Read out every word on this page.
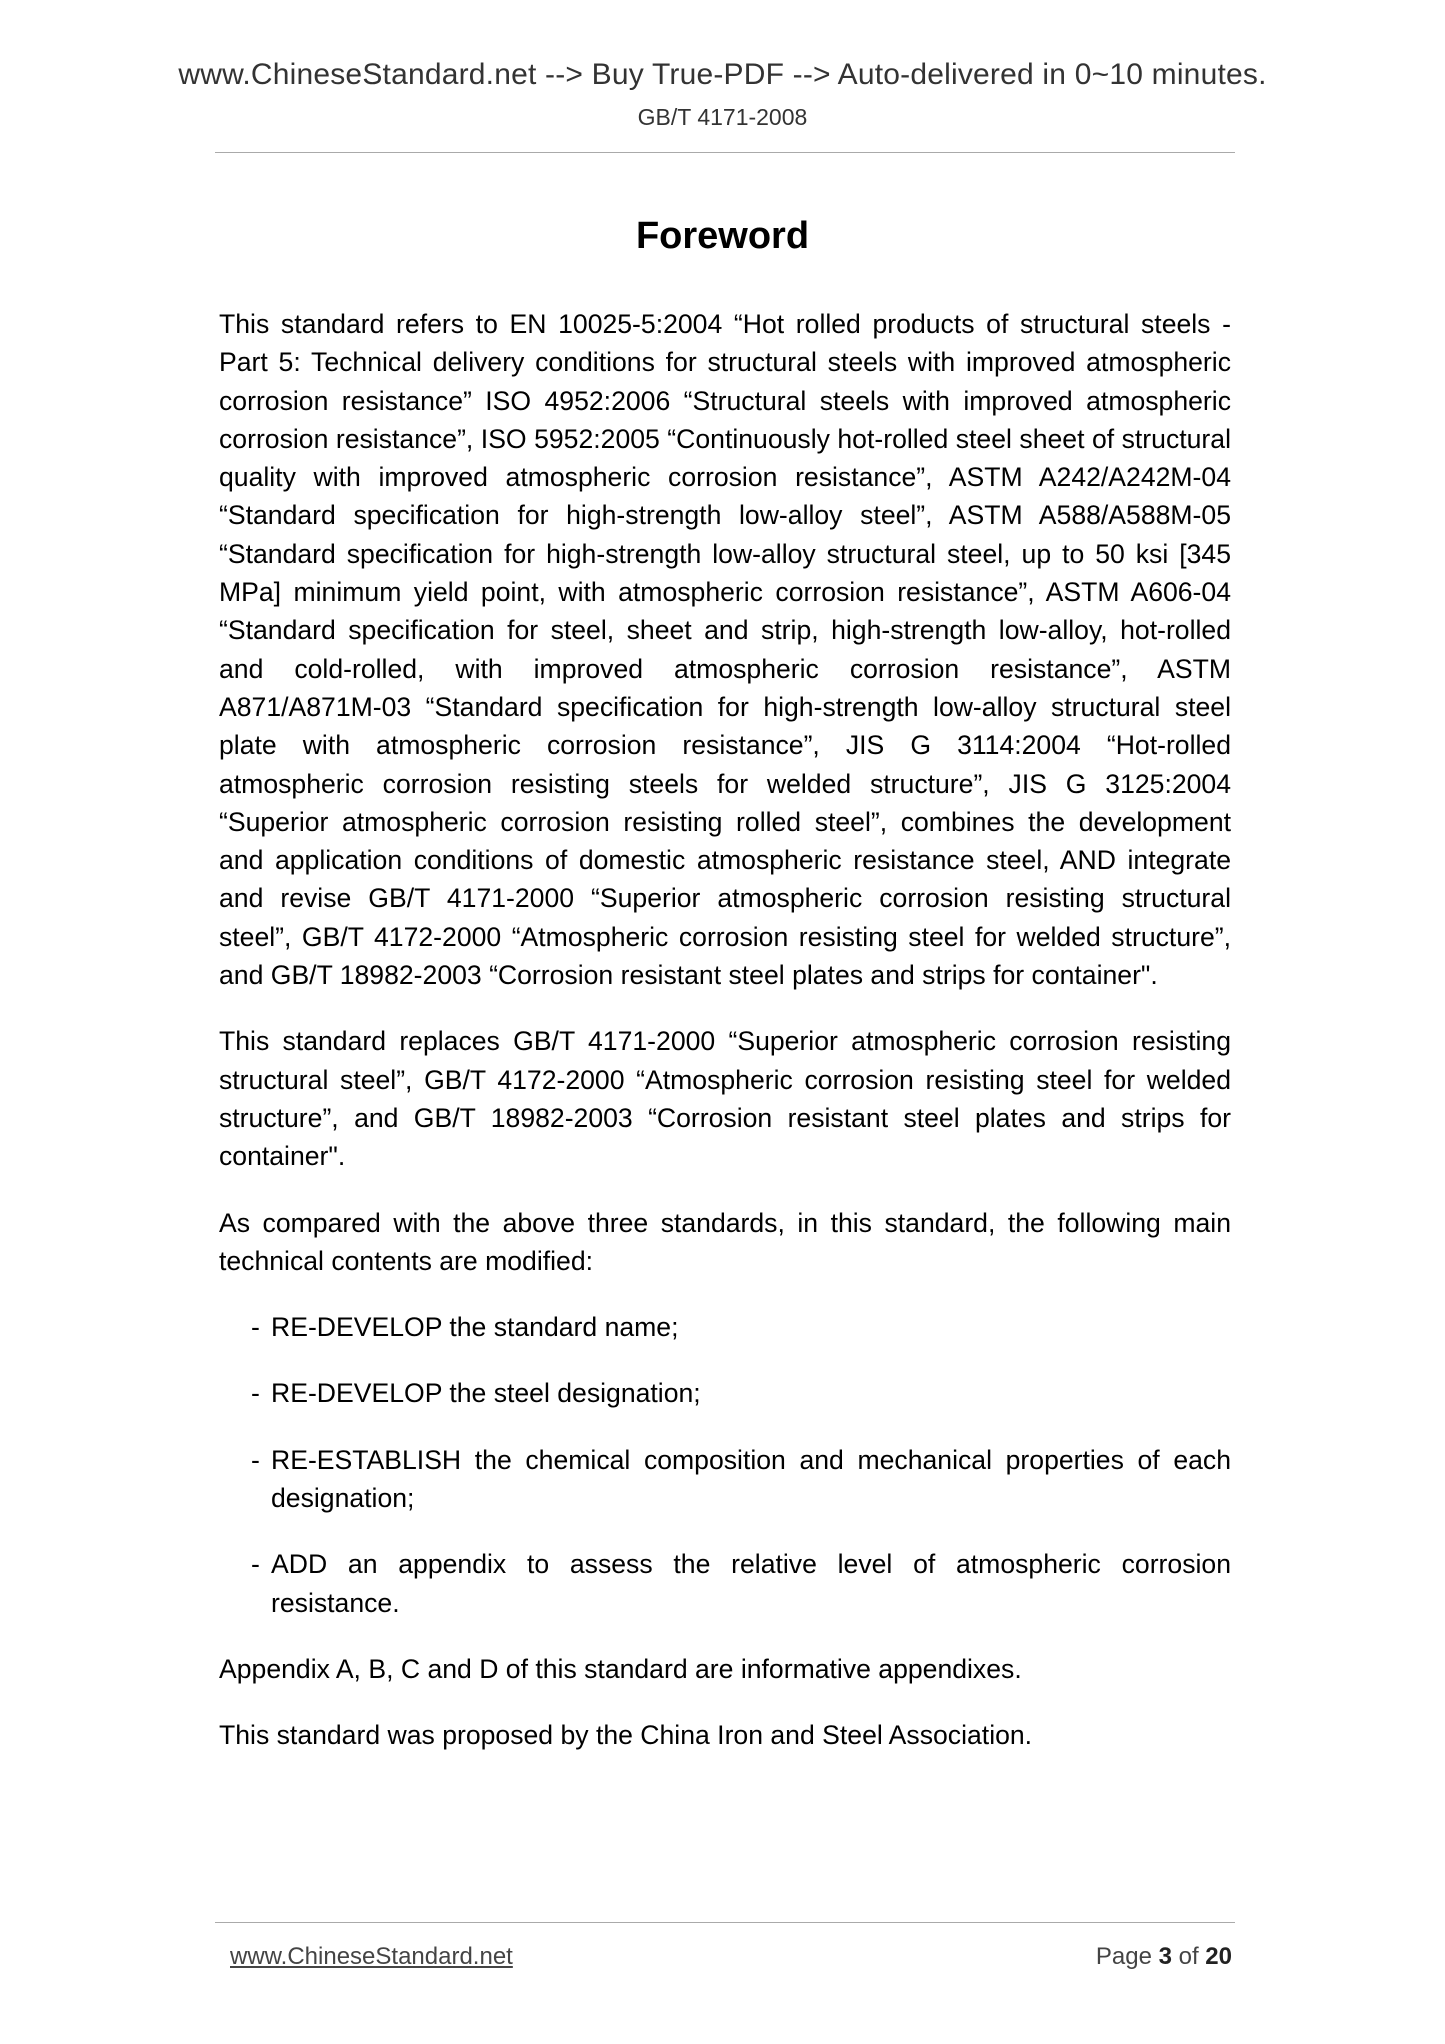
www.ChineseStandard.net --> Buy True-PDF --> Auto-delivered in 0~10 minutes.
GB/T 4171-2008
Foreword

This standard refers to EN 10025-5:2004 “Hot rolled products of structural steels - Part 5: Technical delivery conditions for structural steels with improved atmospheric corrosion resistance” ISO 4952:2006 “Structural steels with improved atmospheric corrosion resistance”, ISO 5952:2005 “Continuously hot-rolled steel sheet of structural quality with improved atmospheric corrosion resistance”, ASTM A242/A242M-04 “Standard specification for high-strength low-alloy steel”, ASTM A588/A588M-05 “Standard specification for high-strength low-alloy structural steel, up to 50 ksi [345 MPa] minimum yield point, with atmospheric corrosion resistance”, ASTM A606-04 “Standard specification for steel, sheet and strip, high-strength low-alloy, hot-rolled and cold-rolled, with improved atmospheric corrosion resistance”, ASTM A871/A871M-03 “Standard specification for high-strength low-alloy structural steel plate with atmospheric corrosion resistance”, JIS G 3114:2004 “Hot-rolled atmospheric corrosion resisting steels for welded structure”, JIS G 3125:2004 “Superior atmospheric corrosion resisting rolled steel”, combines the development and application conditions of domestic atmospheric resistance steel, AND integrate and revise GB/T 4171-2000 “Superior atmospheric corrosion resisting structural steel”, GB/T 4172-2000 “Atmospheric corrosion resisting steel for welded structure”, and GB/T 18982-2003 “Corrosion resistant steel plates and strips for container".

This standard replaces GB/T 4171-2000 “Superior atmospheric corrosion resisting structural steel”, GB/T 4172-2000 “Atmospheric corrosion resisting steel for welded structure”, and GB/T 18982-2003 “Corrosion resistant steel plates and strips for container".

As compared with the above three standards, in this standard, the following main technical contents are modified:

- RE-DEVELOP the standard name;
- RE-DEVELOP the steel designation;
- RE-ESTABLISH the chemical composition and mechanical properties of each designation;
- ADD an appendix to assess the relative level of atmospheric corrosion resistance.

Appendix A, B, C and D of this standard are informative appendixes.

This standard was proposed by the China Iron and Steel Association.

www.ChineseStandard.net	Page 3 of 20
